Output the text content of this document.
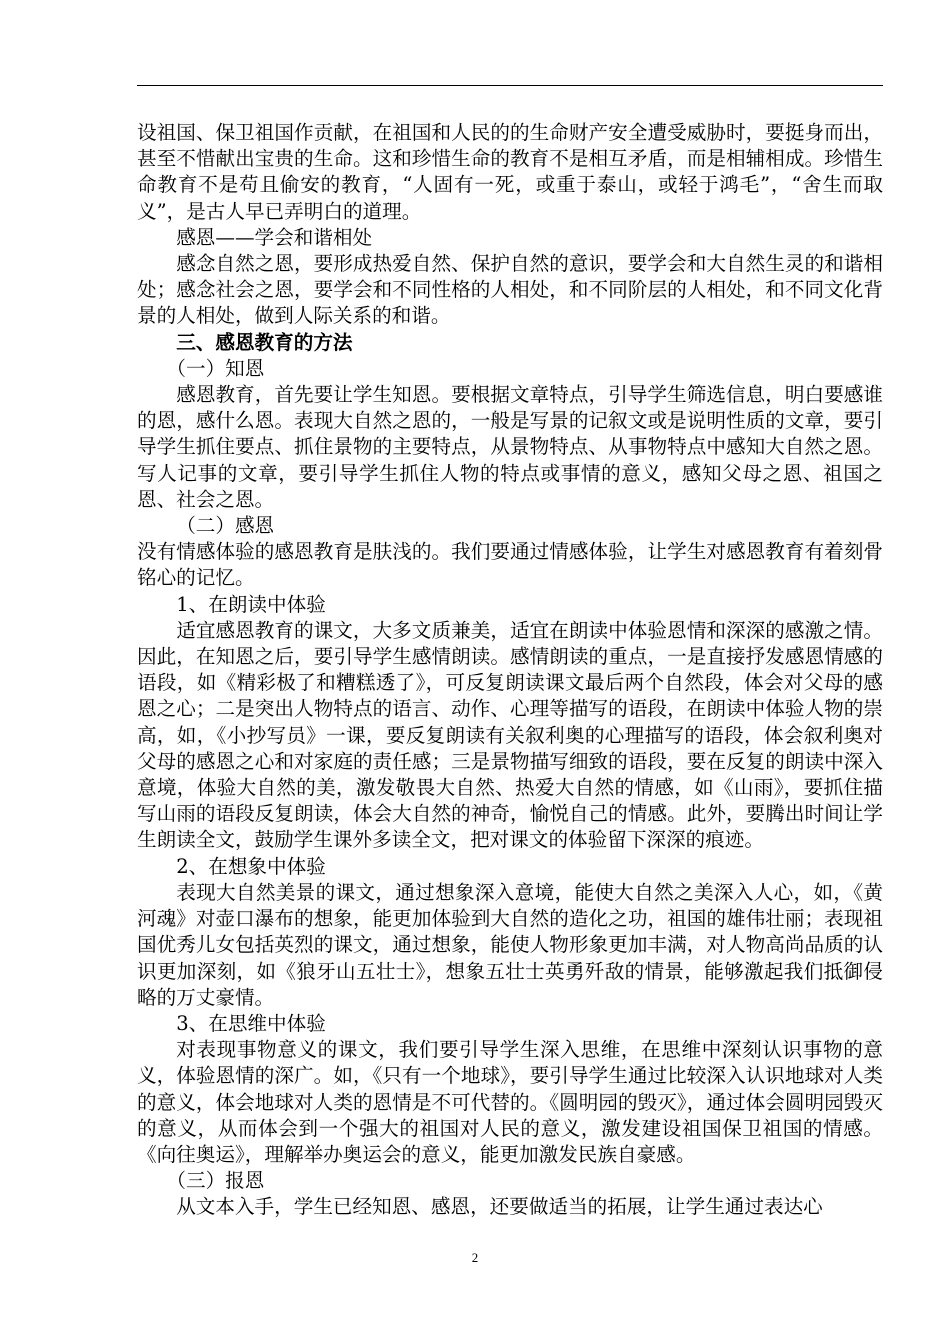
设祖国、保卫祖国作贡献，在祖国和人民的的生命财产安全遭受威胁时，要挺身而出，甚至不惜献出宝贵的生命。这和珍惜生命的教育不是相互矛盾，而是相辅相成。珍惜生命教育不是苟且偷安的教育，“人固有一死，或重于泰山，或轻于鸿毛”，“舍生而取义”，是古人早已弄明白的道理。

感恩——学会和谐相处

感念自然之恩，要形成热爱自然、保护自然的意识，要学会和大自然生灵的和谐相处；感念社会之恩，要学会和不同性格的人相处，和不同阶层的人相处，和不同文化背景的人相处，做到人际关系的和谐。

三、感恩教育的方法

（一）知恩

感恩教育，首先要让学生知恩。要根据文章特点，引导学生筛选信息，明白要感谁的恩，感什么恩。表现大自然之恩的，一般是写景的记叙文或是说明性质的文章，要引导学生抓住要点、抓住景物的主要特点，从景物特点、从事物特点中感知大自然之恩。写人记事的文章，要引导学生抓住人物的特点或事情的意义，感知父母之恩、祖国之恩、社会之恩。

（二）感恩

没有情感体验的感恩教育是肤浅的。我们要通过情感体验，让学生对感恩教育有着刻骨铭心的记忆。

1、在朗读中体验

适宜感恩教育的课文，大多文质兼美，适宜在朗读中体验恩情和深深的感激之情。因此，在知恩之后，要引导学生感情朗读。感情朗读的重点，一是直接抒发感恩情感的语段，如《精彩极了和糟糕透了》，可反复朗读课文最后两个自然段，体会对父母的感恩之心；二是突出人物特点的语言、动作、心理等描写的语段，在朗读中体验人物的崇高，如，《小抄写员》一课，要反复朗读有关叙利奥的心理描写的语段，体会叙利奥对父母的感恩之心和对家庭的责任感；三是景物描写细致的语段，要在反复的朗读中深入意境，体验大自然的美，激发敬畏大自然、热爱大自然的情感，如《山雨》，要抓住描写山雨的语段反复朗读，体会大自然的神奇，愉悦自己的情感。此外，要腾出时间让学生朗读全文，鼓励学生课外多读全文，把对课文的体验留下深深的痕迹。

2、在想象中体验

表现大自然美景的课文，通过想象深入意境，能使大自然之美深入人心，如，《黄河魂》对壶口瀑布的想象，能更加体验到大自然的造化之功，祖国的雄伟壮丽；表现祖国优秀儿女包括英烈的课文，通过想象，能使人物形象更加丰满，对人物高尚品质的认识更加深刻，如《狼牙山五壮士》，想象五壮士英勇歼敌的情景，能够激起我们抵御侵略的万丈豪情。

3、在思维中体验

对表现事物意义的课文，我们要引导学生深入思维，在思维中深刻认识事物的意义，体验恩情的深广。如，《只有一个地球》，要引导学生通过比较深入认识地球对人类的意义，体会地球对人类的恩情是不可代替的。《圆明园的毁灭》，通过体会圆明园毁灭的意义，从而体会到一个强大的祖国对人民的意义，激发建设祖国保卫祖国的情感。《向往奥运》，理解举办奥运会的意义，能更加激发民族自豪感。

（三）报恩

从文本入手，学生已经知恩、感恩，还要做适当的拓展，让学生通过表达心

2
